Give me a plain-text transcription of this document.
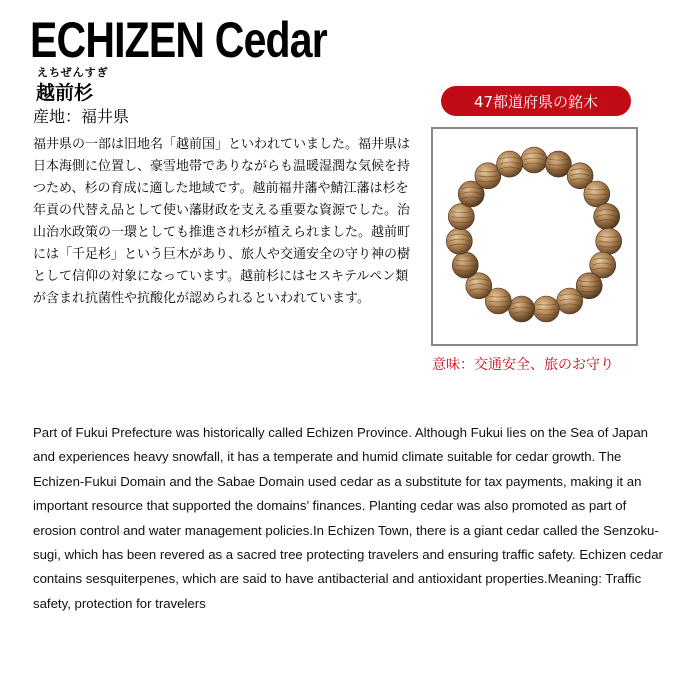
ECHIZEN Cedar
えちぜんすぎ
越前杉
産地：福井県

福井県の一部は旧地名「越前国」といわれていました。福井県は日本海側に位置し、豪雪地帯でありながらも温暖湿潤な気候を持つため、杉の育成に適した地域です。越前福井藩や鯖江藩は杉を年貢の代替え品として使い藩財政を支える重要な資源でした。治山治水政策の一環としても推進され杉が植えられました。越前町には「千足杉」という巨木があり、旅人や交通安全の守り神の樹として信仰の対象になっています。越前杉にはセスキテルペン類が含まれ抗菌性や抗酸化が認められるといわれています。

47都道府県の銘木
意味：交通安全、旅のお守り

Part of Fukui Prefecture was historically called Echizen Province. Although Fukui lies on the Sea of Japan and experiences heavy snowfall, it has a temperate and humid climate suitable for cedar growth. The Echizen-Fukui Domain and the Sabae Domain used cedar as a substitute for tax payments, making it an important resource that supported the domains’ finances. Planting cedar was also promoted as part of erosion control and water management policies.In Echizen Town, there is a giant cedar called the Senzoku-sugi, which has been revered as a sacred tree protecting travelers and ensuring traffic safety. Echizen cedar contains sesquiterpenes, which are said to have antibacterial and antioxidant properties.Meaning: Traffic safety, protection for travelers
